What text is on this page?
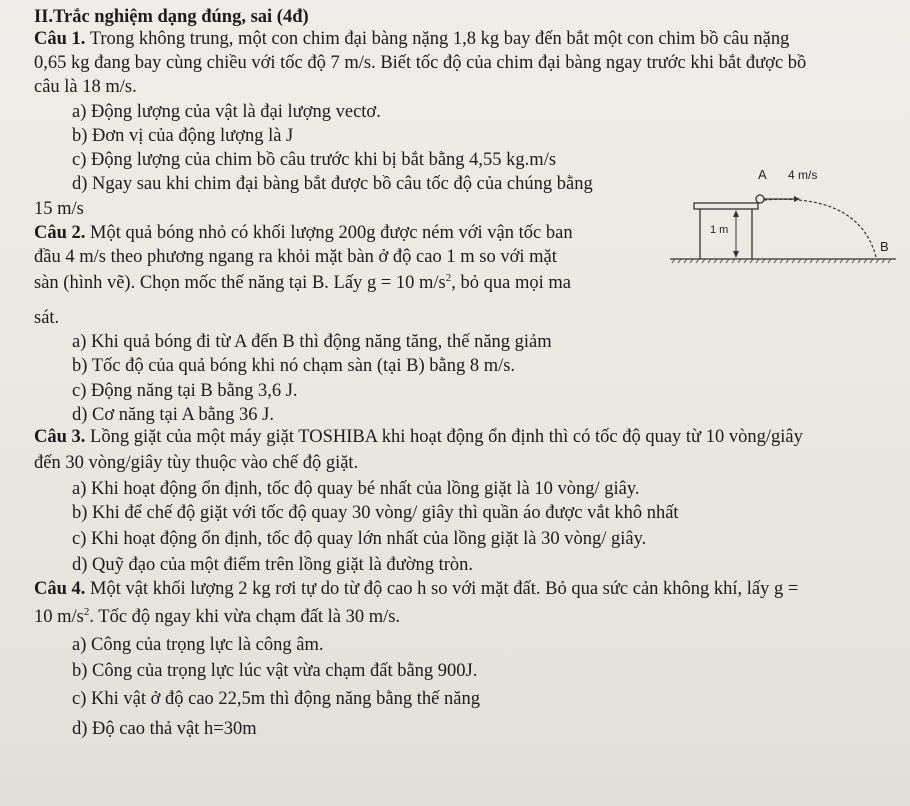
II.Trắc nghiệm dạng đúng, sai (4đ)
Câu 1. Trong không trung, một con chim đại bàng nặng 1,8 kg bay đến bắt một con chim bồ câu nặng
0,65 kg đang bay cùng chiều với tốc độ 7 m/s. Biết tốc độ của chim đại bàng ngay trước khi bắt được bồ
câu là 18 m/s.
a) Động lượng của vật là đại lượng vectơ.
b) Đơn vị của động lượng là J
c) Động lượng của chim bồ câu trước khi bị bắt bằng 4,55 kg.m/s
d) Ngay sau khi chim đại bàng bắt được bồ câu tốc độ của chúng bằng
15 m/s
Câu 2. Một quả bóng nhỏ có khối lượng 200g được ném với vận tốc ban
đầu 4 m/s theo phương ngang ra khỏi mặt bàn ở độ cao 1 m so với mặt
sàn (hình vẽ). Chọn mốc thế năng tại B. Lấy g = 10 $m/s^2$, bỏ qua mọi ma
sát.
a) Khi quả bóng đi từ A đến B thì động năng tăng, thế năng giảm
b) Tốc độ của quả bóng khi nó chạm sàn (tại B) bằng 8 m/s.
c) Động năng tại B bằng 3,6 J.
d) Cơ năng tại A bằng 36 J.
A 4 m/s
1 m
B
Câu 3. Lồng giặt của một máy giặt TOSHIBA khi hoạt động ổn định thì có tốc độ quay từ 10 vòng/giây
đến 30 vòng/giây tùy thuộc vào chế độ giặt.
a) Khi hoạt động ổn định, tốc độ quay bé nhất của lồng giặt là 10 vòng/ giây.
b) Khi để chế độ giặt với tốc độ quay 30 vòng/ giây thì quần áo được vắt khô nhất
c) Khi hoạt động ổn định, tốc độ quay lớn nhất của lồng giặt là 30 vòng/ giây.
d) Quỹ đạo của một điểm trên lồng giặt là đường tròn.
Câu 4. Một vật khối lượng 2 kg rơi tự do từ độ cao h so với mặt đất. Bỏ qua sức cản không khí, lấy g =
10 $m/s^2$. Tốc độ ngay khi vừa chạm đất là 30 m/s.
a) Công của trọng lực là công âm.
b) Công của trọng lực lúc vật vừa chạm đất bằng 900J.
c) Khi vật ở độ cao 22,5m thì động năng bằng thế năng
d) Độ cao thả vật h=30m
